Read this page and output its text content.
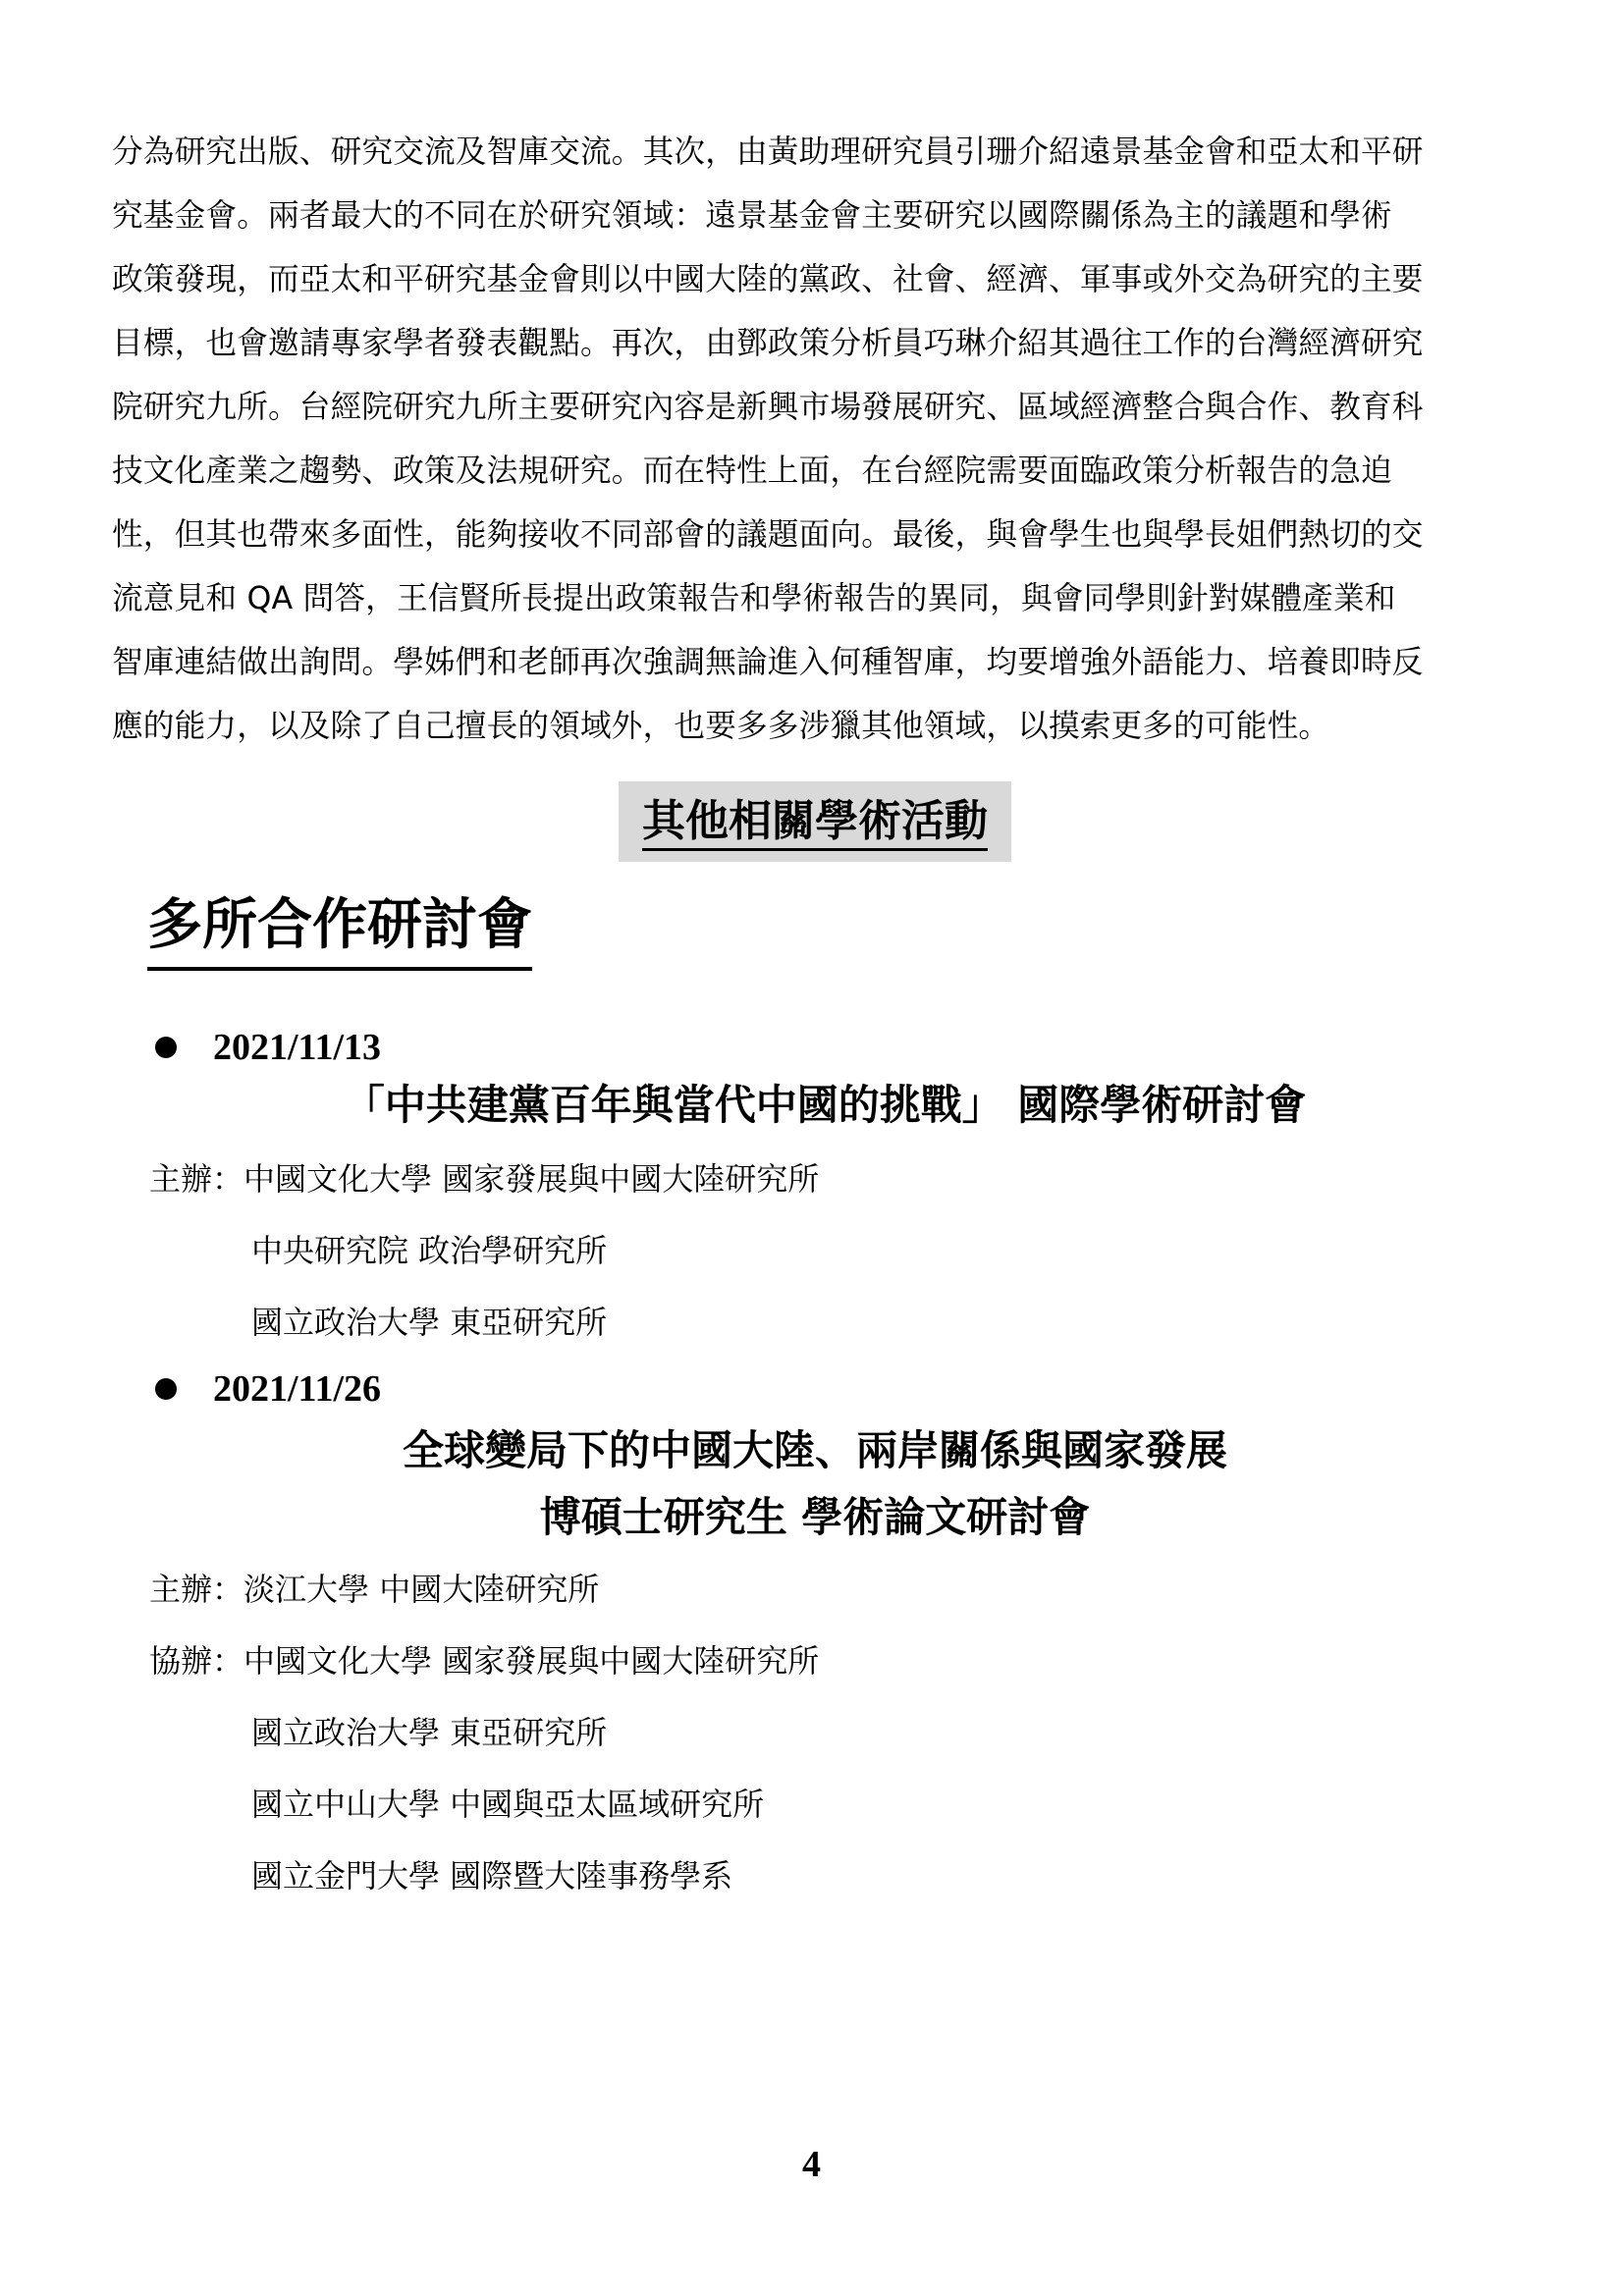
分為研究出版、研究交流及智庫交流。其次，由黃助理研究員引珊介紹遠景基金會和亞太和平研
究基金會。兩者最大的不同在於研究領域：遠景基金會主要研究以國際關係為主的議題和學術
政策發現，而亞太和平研究基金會則以中國大陸的黨政、社會、經濟、軍事或外交為研究的主要
目標，也會邀請專家學者發表觀點。再次，由鄧政策分析員巧琳介紹其過往工作的台灣經濟研究
院研究九所。台經院研究九所主要研究內容是新興市場發展研究、區域經濟整合與合作、教育科
技文化產業之趨勢、政策及法規研究。而在特性上面，在台經院需要面臨政策分析報告的急迫
性，但其也帶來多面性，能夠接收不同部會的議題面向。最後，與會學生也與學長姐們熱切的交
流意見和 QA 問答，王信賢所長提出政策報告和學術報告的異同，與會同學則針對媒體產業和
智庫連結做出詢問。學姊們和老師再次強調無論進入何種智庫，均要增強外語能力、培養即時反
應的能力，以及除了自己擅長的領域外，也要多多涉獵其他領域，以摸索更多的可能性。
其他相關學術活動
多所合作研討會
2021/11/13
「中共建黨百年與當代中國的挑戰」 國際學術研討會
主辦：中國文化大學 國家發展與中國大陸研究所
中央研究院 政治學研究所
國立政治大學 東亞研究所
2021/11/26
全球變局下的中國大陸、兩岸關係與國家發展
博碩士研究生 學術論文研討會
主辦：淡江大學 中國大陸研究所
協辦：中國文化大學 國家發展與中國大陸研究所
國立政治大學 東亞研究所
國立中山大學 中國與亞太區域研究所
國立金門大學 國際暨大陸事務學系
4
